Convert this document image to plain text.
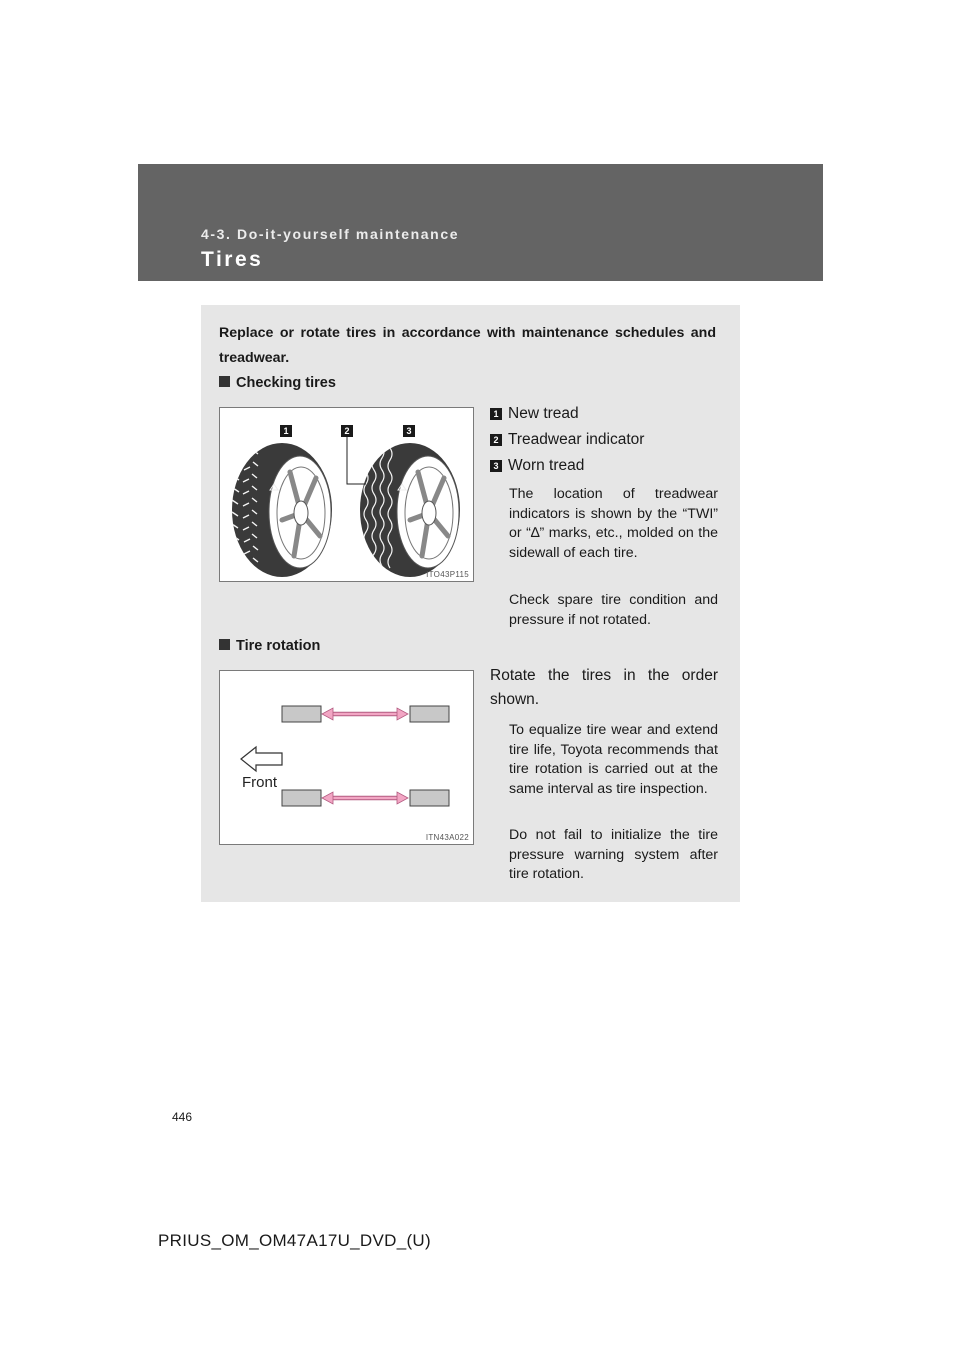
4-3. Do-it-yourself maintenance
Tires
Replace or rotate tires in accordance with maintenance schedules and treadwear.
Checking tires
1	2	3
ITO43P115
1 New tread
2 Treadwear indicator
3 Worn tread
The location of treadwear indicators is shown by the “TWI” or “∆” marks, etc., molded on the sidewall of each tire.
Check spare tire condition and pressure if not rotated.
Tire rotation
Front
ITN43A022
Rotate the tires in the order shown.
To equalize tire wear and extend tire life, Toyota recommends that tire rotation is carried out at the same interval as tire inspection.
Do not fail to initialize the tire pressure warning system after tire rotation.
446
PRIUS_OM_OM47A17U_DVD_(U)
